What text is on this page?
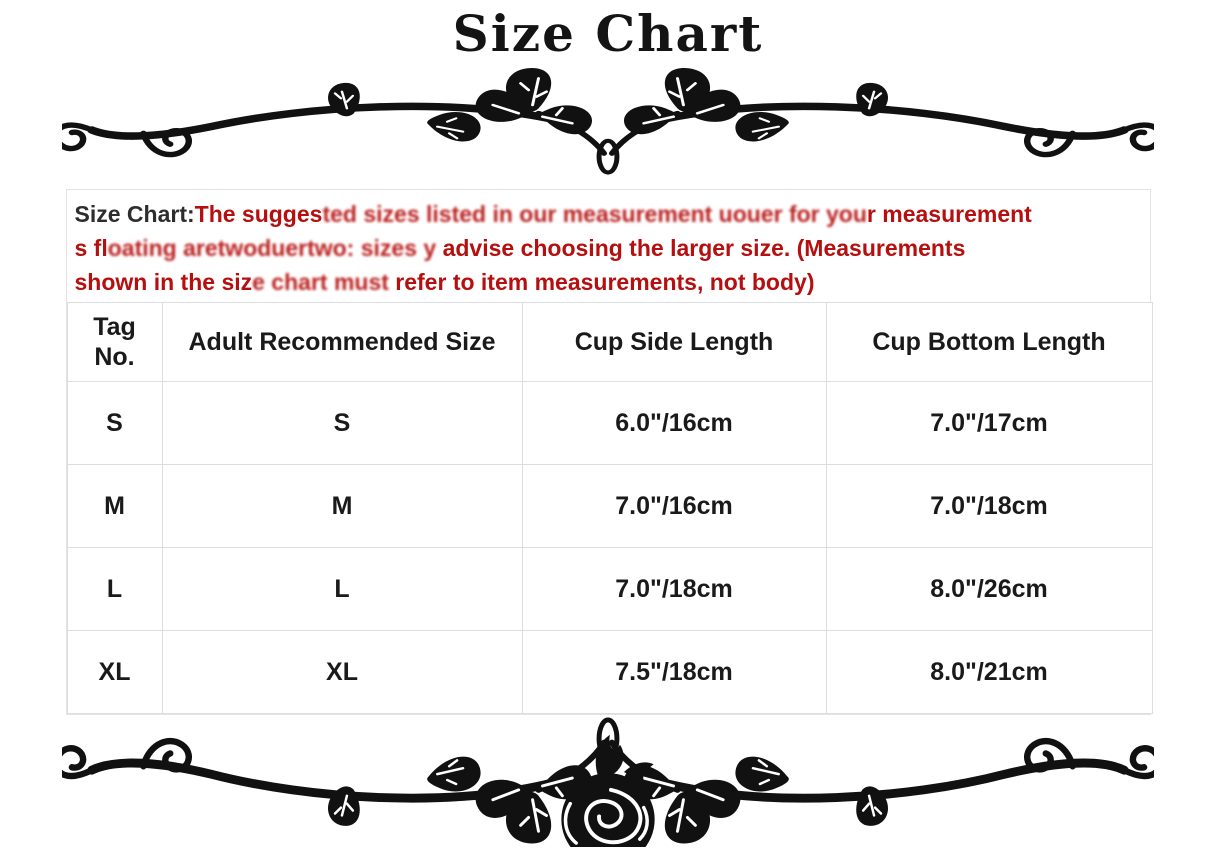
Size Chart
Size Chart:The suggested sizes listed in our measurement uouer for your measurement
s floating aretwoduertwo: sizes y advise choosing the larger size. (Measurements
shown in the size chart must refer to item measurements, not body)
Tag No.	Adult Recommended Size	Cup Side Length	Cup Bottom Length
S	S	6.0"/16cm	7.0"/17cm
M	M	7.0"/16cm	7.0"/18cm
L	L	7.0"/18cm	8.0"/26cm
XL	XL	7.5"/18cm	8.0"/21cm
